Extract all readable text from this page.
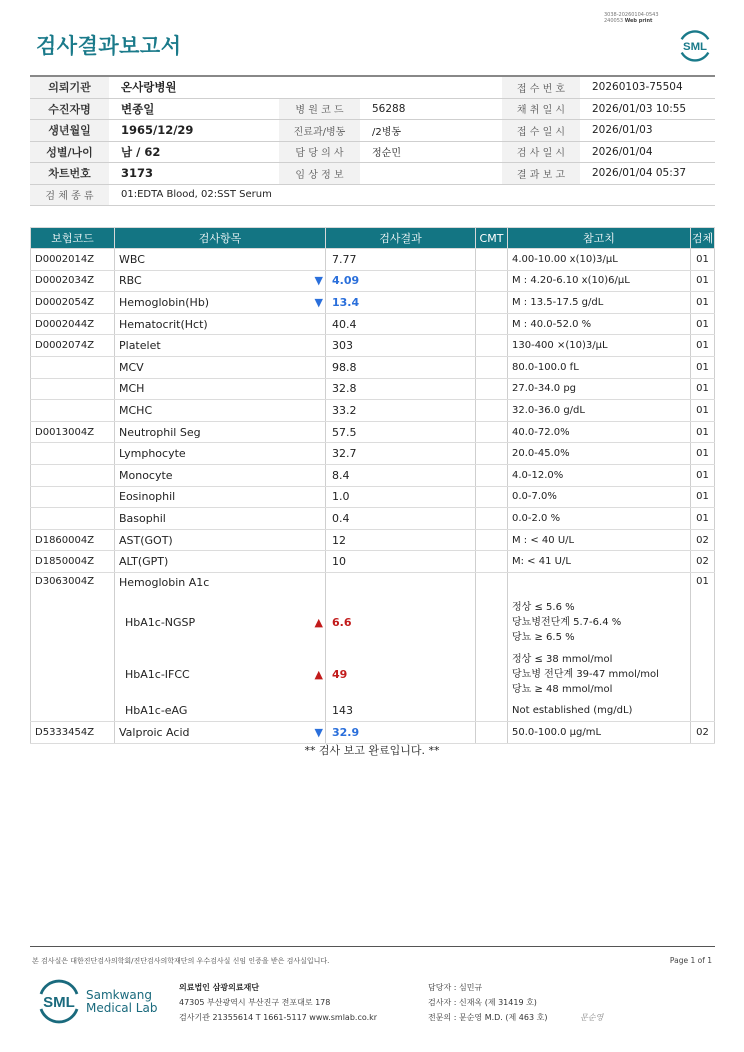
검사결과보고서
3038-20260104-0543
240053 Web print
SML
의뢰기관	온사랑병원			접 수 번 호	20260103-75504
수진자명	변종일	병 원 코 드	56288	채 취 일 시	2026/01/03 10:55
생년월일	1965/12/29	진료과/병동	/2병동	접 수 일 시	2026/01/03
성별/나이	남 / 62	담 당 의 사	정순민	검 사 일 시	2026/01/04
차트번호	3173	임 상 정 보		결 과 보 고	2026/01/04 05:37
검 체 종 류	01:EDTA Blood, 02:SST Serum				
보험코드	검사항목		검사결과	CMT	참고치	검체
D0002014Z	WBC		7.77		4.00-10.00 x(10)3/μL	01
D0002034Z	RBC	▼	4.09		M : 4.20-6.10 x(10)6/μL	01
D0002054Z	Hemoglobin(Hb)	▼	13.4		M : 13.5-17.5 g/dL	01
D0002044Z	Hematocrit(Hct)		40.4		M : 40.0-52.0 %	01
D0002074Z	Platelet		303		130-400 ×(10)3/μL	01
	MCV		98.8		80.0-100.0 fL	01
	MCH		32.8		27.0-34.0 pg	01
	MCHC		33.2		32.0-36.0 g/dL	01
D0013004Z	Neutrophil Seg		57.5		40.0-72.0%	01
	Lymphocyte		32.7		20.0-45.0%	01
	Monocyte		8.4		4.0-12.0%	01
	Eosinophil		1.0		0.0-7.0%	01
	Basophil		0.4		0.0-2.0 %	01
D1860004Z	AST(GOT)		12		M : < 40 U/L	02
D1850004Z	ALT(GPT)		10		M: < 41 U/L	02
D3063004Z	Hemoglobin A1c					01
	HbA1c-NGSP	▲	6.6		정상 ≤ 5.6 %
당뇨병전단계 5.7-6.4 %
당뇨 ≥ 6.5 %	

	HbA1c-IFCC	▲	49		정상 ≤ 38 mmol/mol
당뇨병 전단계 39-47 mmol/mol
당뇨 ≥ 48 mmol/mol	

	HbA1c-eAG		143		Not established (mg/dL)	
D5333454Z	Valproic Acid	▼	32.9		50.0-100.0 μg/mL	02
** 검사 보고 완료입니다. **
본 검사실은 대한진단검사의학회/진단검사의학재단의 우수검사실 신임 인증을 받은 검사실입니다.	Page 1 of 1
SML Samkwang
Medical Lab
의료법인 삼광의료재단
47305 부산광역시 부산진구 전포대로 178
검사기관 21355614 T 1661-5117 www.smlab.co.kr
담당자 : 심민규
검사자 : 신재옥 (제 31419 호)
전문의 : 문순영 M.D. (제 463 호)	문순영
